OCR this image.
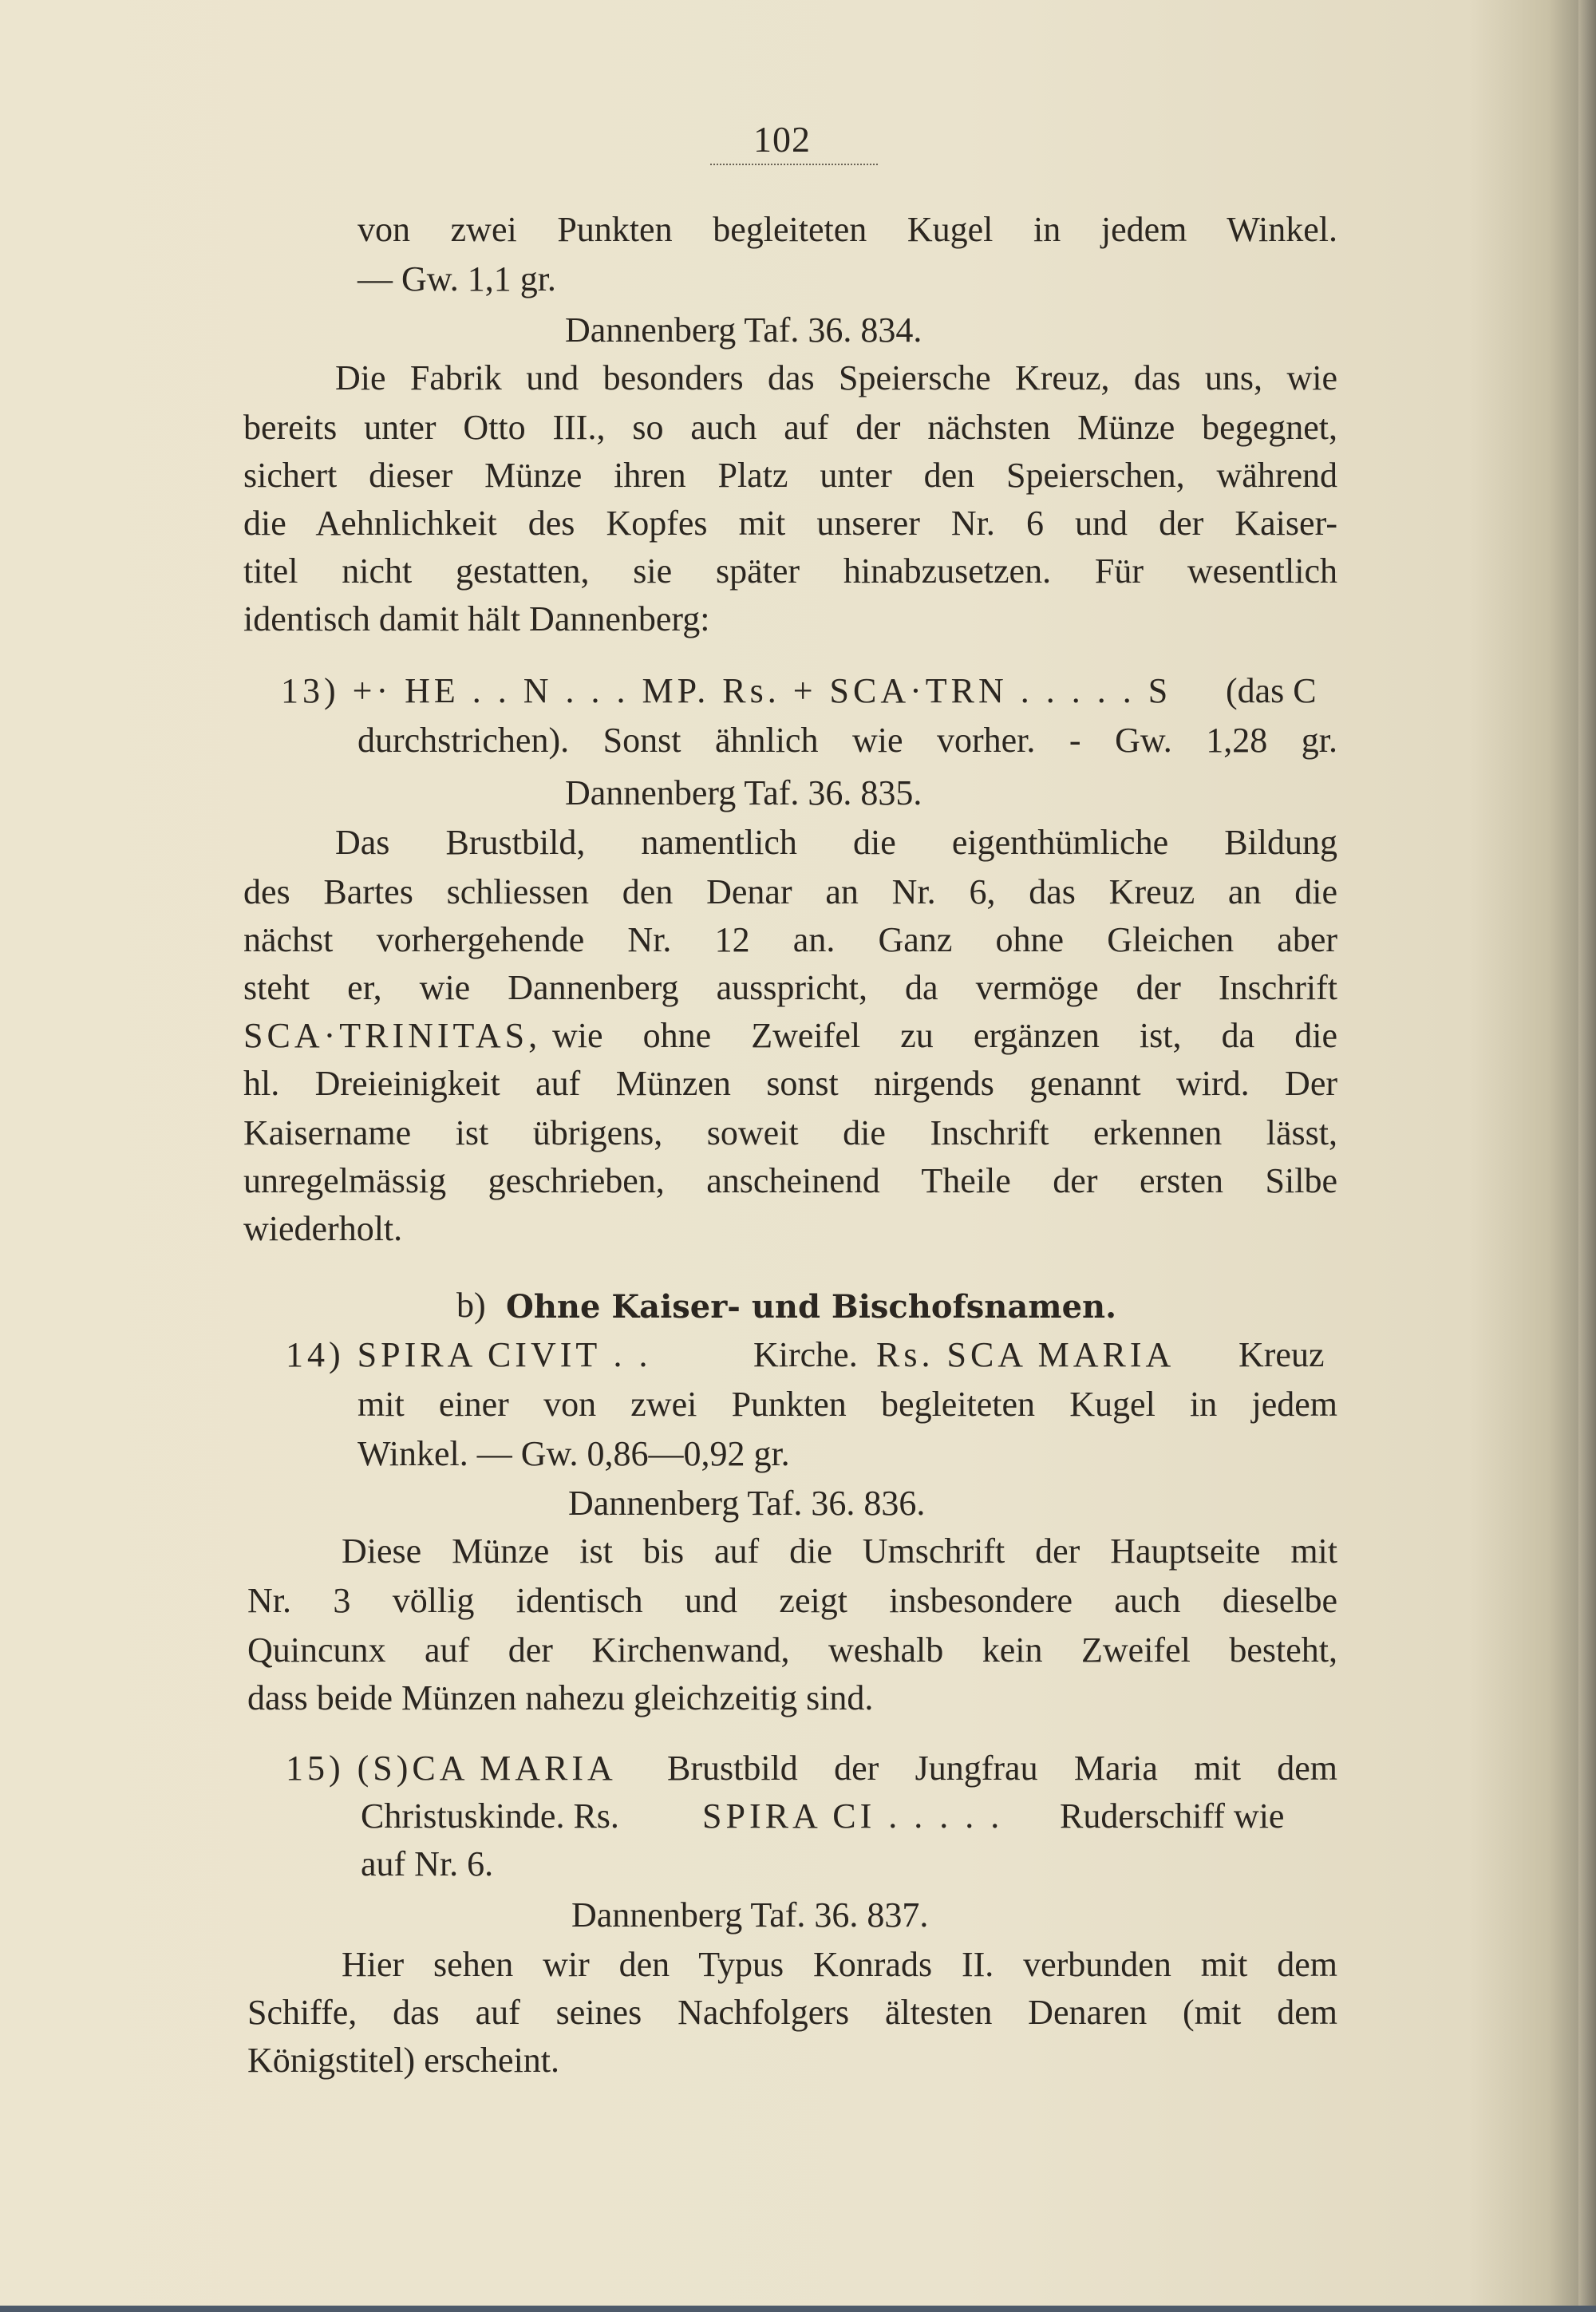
102
von zwei Punkten begleiteten Kugel in jedem Winkel.
— Gw. 1,1 gr.
Dannenberg Taf. 36. 834.
Die Fabrik und besonders das Speiersche Kreuz, das uns, wie
bereits unter Otto III., so auch auf der nächsten Münze begegnet,
sichert dieser Münze ihren Platz unter den Speierschen, während
die Aehnlichkeit des Kopfes mit unserer Nr. 6 und der Kaiser-
titel nicht gestatten, sie später hinabzusetzen. Für wesentlich
identisch damit hält Dannenberg:
13) +· HE . . N . . . MP. Rs. + SCA·TRN . . . . . S (das C
durchstrichen). Sonst ähnlich wie vorher. - Gw. 1,28 gr.
Dannenberg Taf. 36. 835.
Das Brustbild, namentlich die eigenthümliche Bildung
des Bartes schliessen den Denar an Nr. 6, das Kreuz an die
nächst vorhergehende Nr. 12 an. Ganz ohne Gleichen aber
steht er, wie Dannenberg ausspricht, da vermöge der Inschrift
SCA·TRINITAS, wie ohne Zweifel zu ergänzen ist, da die
hl. Dreieinigkeit auf Münzen sonst nirgends genannt wird. Der
Kaisername ist übrigens, soweit die Inschrift erkennen lässt,
unregelmässig geschrieben, anscheinend Theile der ersten Silbe
wiederholt.
b) Ohne Kaiser- und Bischofsnamen.
14) SPIRA CIVIT . .	Kirche. Rs. SCA MARIA Kreuz
mit einer von zwei Punkten begleiteten Kugel in jedem
Winkel. — Gw. 0,86—0,92 gr.
Dannenberg Taf. 36. 836.
Diese Münze ist bis auf die Umschrift der Hauptseite mit
Nr. 3 völlig identisch und zeigt insbesondere auch dieselbe
Quincunx auf der Kirchenwand, weshalb kein Zweifel besteht,
dass beide Münzen nahezu gleichzeitig sind.
15) (S)CA MARIA Brustbild der Jungfrau Maria mit dem
Christuskinde. Rs. SPIRA CI . . . . . Ruderschiff wie
auf Nr. 6.
Dannenberg Taf. 36. 837.
Hier sehen wir den Typus Konrads II. verbunden mit dem
Schiffe, das auf seines Nachfolgers ältesten Denaren (mit dem
Königstitel) erscheint.
